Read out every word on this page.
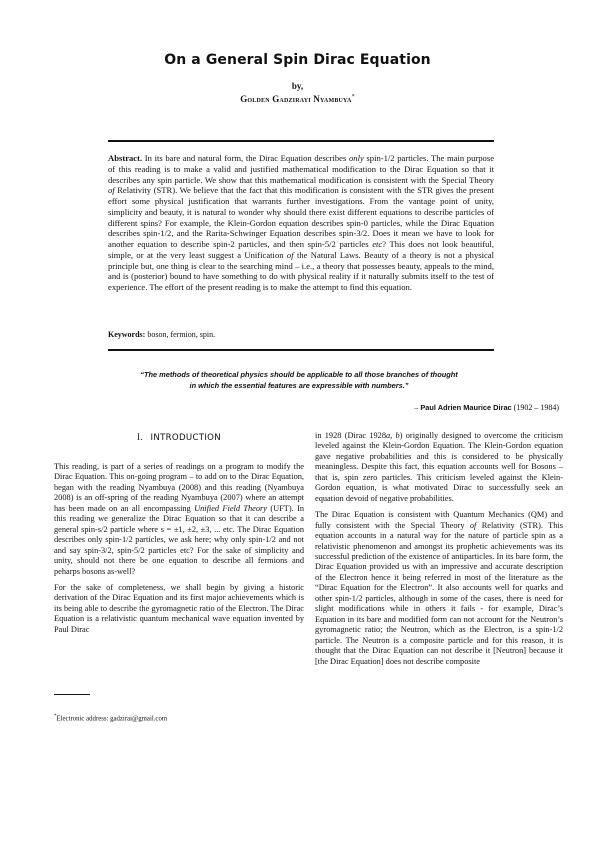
On a General Spin Dirac Equation
by,
Golden Gadzirayi Nyambuya*
Abstract. In its bare and natural form, the Dirac Equation describes only spin-1/2 particles. The main purpose of this reading is to make a valid and justified mathematical modification to the Dirac Equation so that it describes any spin particle. We show that this mathematical modification is consistent with the Special Theory of Relativity (STR). We believe that the fact that this modification is consistent with the STR gives the present effort some physical justification that warrants further investigations. From the vantage point of unity, simplicity and beauty, it is natural to wonder why should there exist different equations to describe particles of different spins? For example, the Klein-Gordon equation describes spin-0 particles, while the Dirac Equation describes spin-1/2, and the Rarita-Schwinger Equation describes spin-3/2. Does it mean we have to look for another equation to describe spin-2 particles, and then spin-5/2 particles etc? This does not look beautiful, simple, or at the very least suggest a Unification of the Natural Laws. Beauty of a theory is not a physical principle but, one thing is clear to the searching mind – i.e., a theory that possesses beauty, appeals to the mind, and is (posterior) bound to have something to do with physical reality if it naturally submits itself to the test of experience. The effort of the present reading is to make the attempt to find this equation.
Keywords: boson, fermion, spin.
“The methods of theoretical physics should be applicable to all those branches of thought
in which the essential features are expressible with numbers.”
– Paul Adrien Maurice Dirac (1902 – 1984)
I. INTRODUCTION

This reading, is part of a series of readings on a program to modify the Dirac Equation. This on-going program – to add on to the Dirac Equation, began with the reading Nyambuya (2008) and this reading (Nyambuya 2008) is an off-spring of the reading Nyambuya (2007) where an attempt has been made on an all encompassing Unified Field Theory (UFT). In this reading we generalize the Dirac Equation so that it can describe a general spin-s/2 particle where s = ±1, ±2, ±3, ... etc. The Dirac Equation describes only spin-1/2 particles, we ask here; why only spin-1/2 and not and say spin-3/2, spin-5/2 particles etc? For the sake of simplicity and unity, should not there be one equation to describe all fermions and peharps bosons as-well?

For the sake of completeness, we shall begin by giving a historic derivation of the Dirac Equation and its first major achievements which is its being able to describe the gyromagnetic ratio of the Electron. The Dirac Equation is a relativistic quantum mechanical wave equation invented by Paul Dirac

in 1928 (Dirac 1928a, b) originally designed to overcome the criticism leveled against the Klein-Gordon Equation. The Klein-Gordon equation gave negative probabilities and this is considered to be physically meaningless. Despite this fact, this equation accounts well for Bosons – that is, spin zero particles. This criticism leveled against the Klein-Gordon equation, is what motivated Dirac to successfully seek an equation devoid of negative probabilities.

The Dirac Equation is consistent with Quantum Mechanics (QM) and fully consistent with the Special Theory of Relativity (STR). This equation accounts in a natural way for the nature of particle spin as a relativistic phenomenon and amongst its prophetic achievements was its successful prediction of the existence of antiparticles. In its bare form, the Dirac Equation provided us with an impressive and accurate description of the Electron hence it being referred in most of the literature as the “Dirac Equation for the Electron”. It also accounts well for quarks and other spin-1/2 particles, although in some of the cases, there is need for slight modifications while in others it fails - for example, Dirac’s Equation in its bare and modified form can not account for the Neutron’s gyromagnetic ratio; the Neutron, which as the Electron, is a spin-1/2 particle. The Neutron is a composite particle and for this reason, it is thought that the Dirac Equation can not describe it [Neutron] because it [the Dirac Equation] does not describe composite

*Electronic address: gadzirai@gmail.com
